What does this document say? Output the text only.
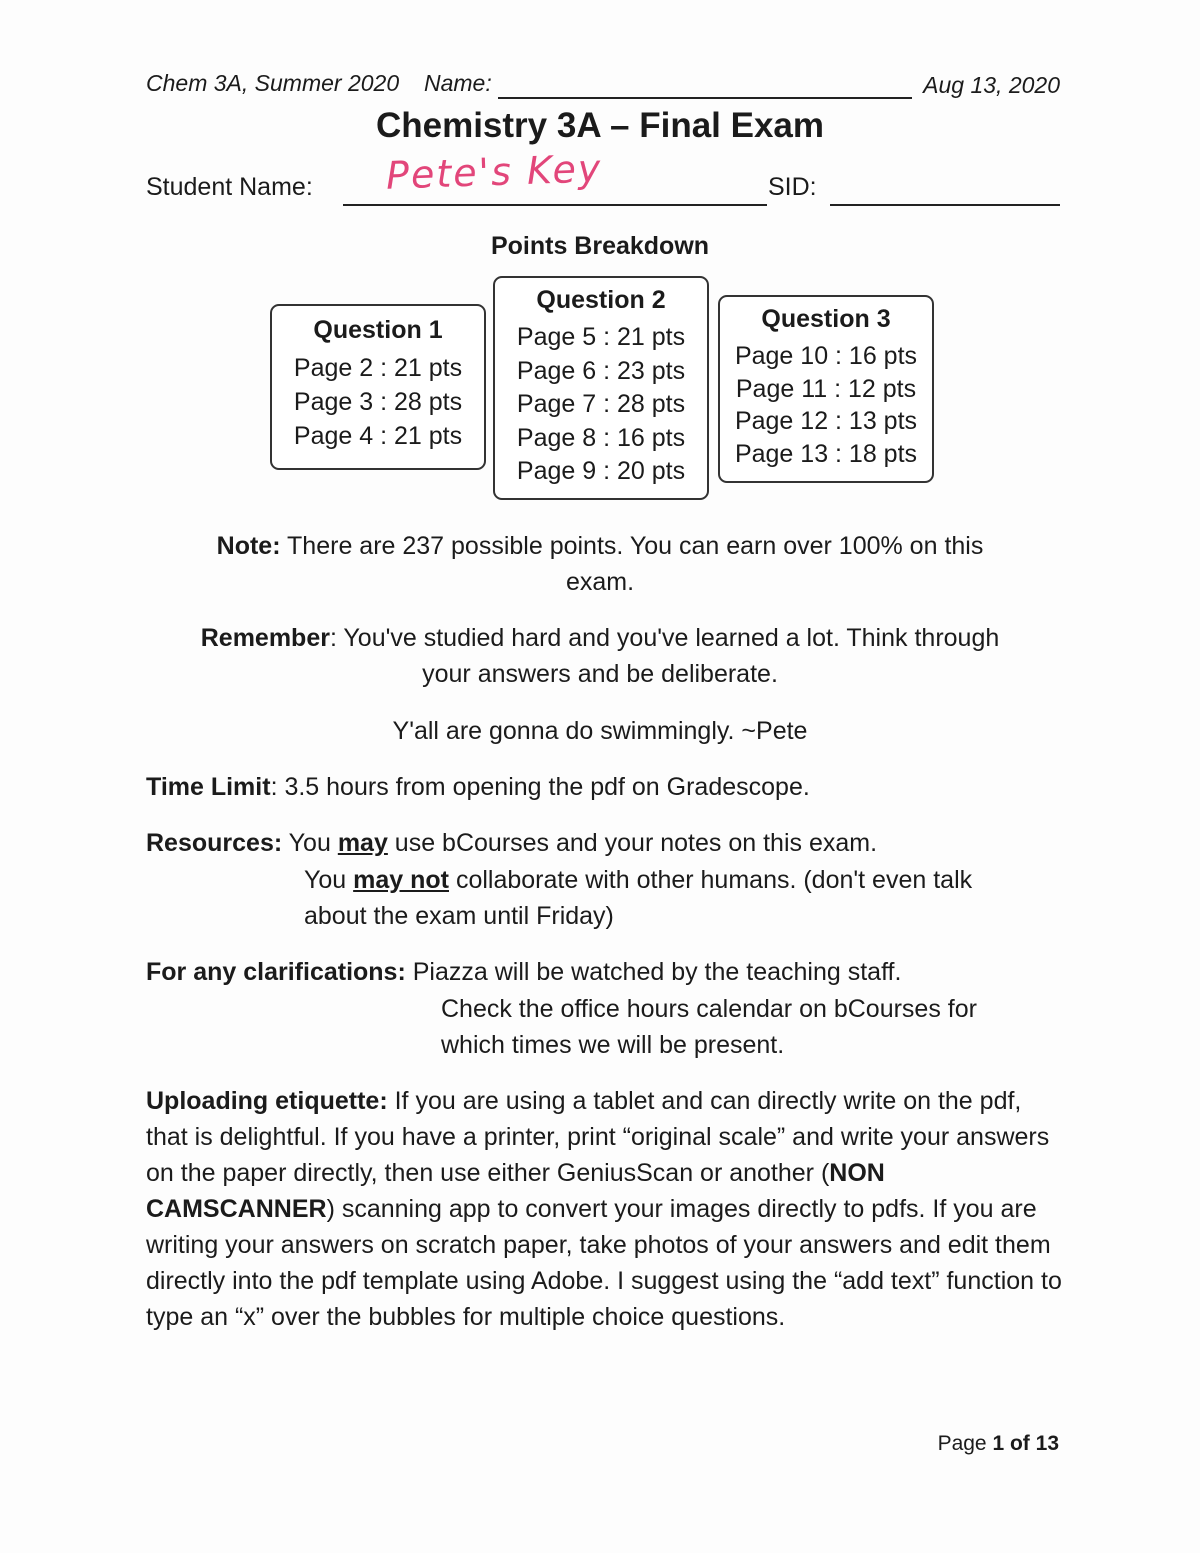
Chem 3A, Summer 2020 Name:	Aug 13, 2020
Chemistry 3A – Final Exam
Student Name: Pete's Key	SID:
Points Breakdown
Question 1
Page 2 : 21 pts
Page 3 : 28 pts
Page 4 : 21 pts
Question 2
Page 5 : 21 pts
Page 6 : 23 pts
Page 7 : 28 pts
Page 8 : 16 pts
Page 9 : 20 pts
Question 3
Page 10 : 16 pts
Page 11 : 12 pts
Page 12 : 13 pts
Page 13 : 18 pts
Note: There are 237 possible points. You can earn over 100% on this
exam.
Remember: You've studied hard and you've learned a lot. Think through
your answers and be deliberate.
Y'all are gonna do swimmingly. ~Pete
Time Limit: 3.5 hours from opening the pdf on Gradescope.
Resources: You may use bCourses and your notes on this exam.
You may not collaborate with other humans. (don't even talk
about the exam until Friday)
For any clarifications: Piazza will be watched by the teaching staff.
Check the office hours calendar on bCourses for
which times we will be present.
Uploading etiquette: If you are using a tablet and can directly write on the pdf, that is delightful. If you have a printer, print “original scale” and write your answers on the paper directly, then use either GeniusScan or another (NON CAMSCANNER) scanning app to convert your images directly to pdfs. If you are writing your answers on scratch paper, take photos of your answers and edit them directly into the pdf template using Adobe. I suggest using the “add text” function to type an “x” over the bubbles for multiple choice questions.
Page 1 of 13
